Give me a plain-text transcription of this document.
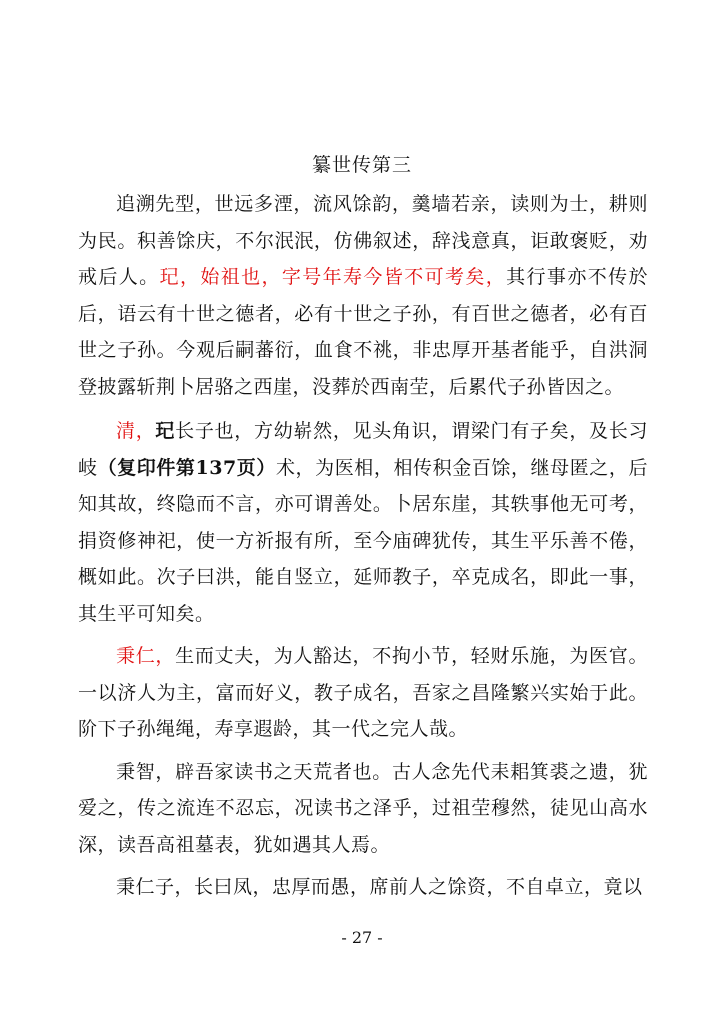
纂世传第三

追溯先型，世远多湮，流风馀韵，羹墙若亲，读则为士，耕则为民。积善馀庆，不尔泯泯，仿佛叙述，辞浅意真，讵敢褒贬，劝戒后人。玘，始祖也，字号年寿今皆不可考矣，其行事亦不传於后，语云有十世之德者，必有十世之子孙，有百世之德者，必有百世之子孙。今观后嗣蕃衍，血食不祧，非忠厚开基者能乎，自洪洞登披露斩荆卜居骆之西崖，没葬於西南茔，后累代子孙皆因之。

清，玘长子也，方幼崭然，见头角识，谓梁门有子矣，及长习岐（复印件第137页）术，为医相，相传积金百馀，继母匿之，后知其故，终隐而不言，亦可谓善处。卜居东崖，其轶事他无可考，捐资修神祀，使一方祈报有所，至今庙碑犹传，其生平乐善不倦，概如此。次子曰洪，能自竖立，延师教子，卒克成名，即此一事，其生平可知矣。

秉仁，生而丈夫，为人豁达，不拘小节，轻财乐施，为医官。一以济人为主，富而好义，教子成名，吾家之昌隆繁兴实始于此。阶下子孙绳绳，寿享遐龄，其一代之完人哉。

秉智，辟吾家读书之天荒者也。古人念先代耒耜箕裘之遗，犹爱之，传之流连不忍忘，况读书之泽乎，过祖茔穆然，徒见山高水深，读吾高祖墓表，犹如遇其人焉。

秉仁子，长曰凤，忠厚而愚，席前人之馀资，不自卓立，竟以

- 27 -
